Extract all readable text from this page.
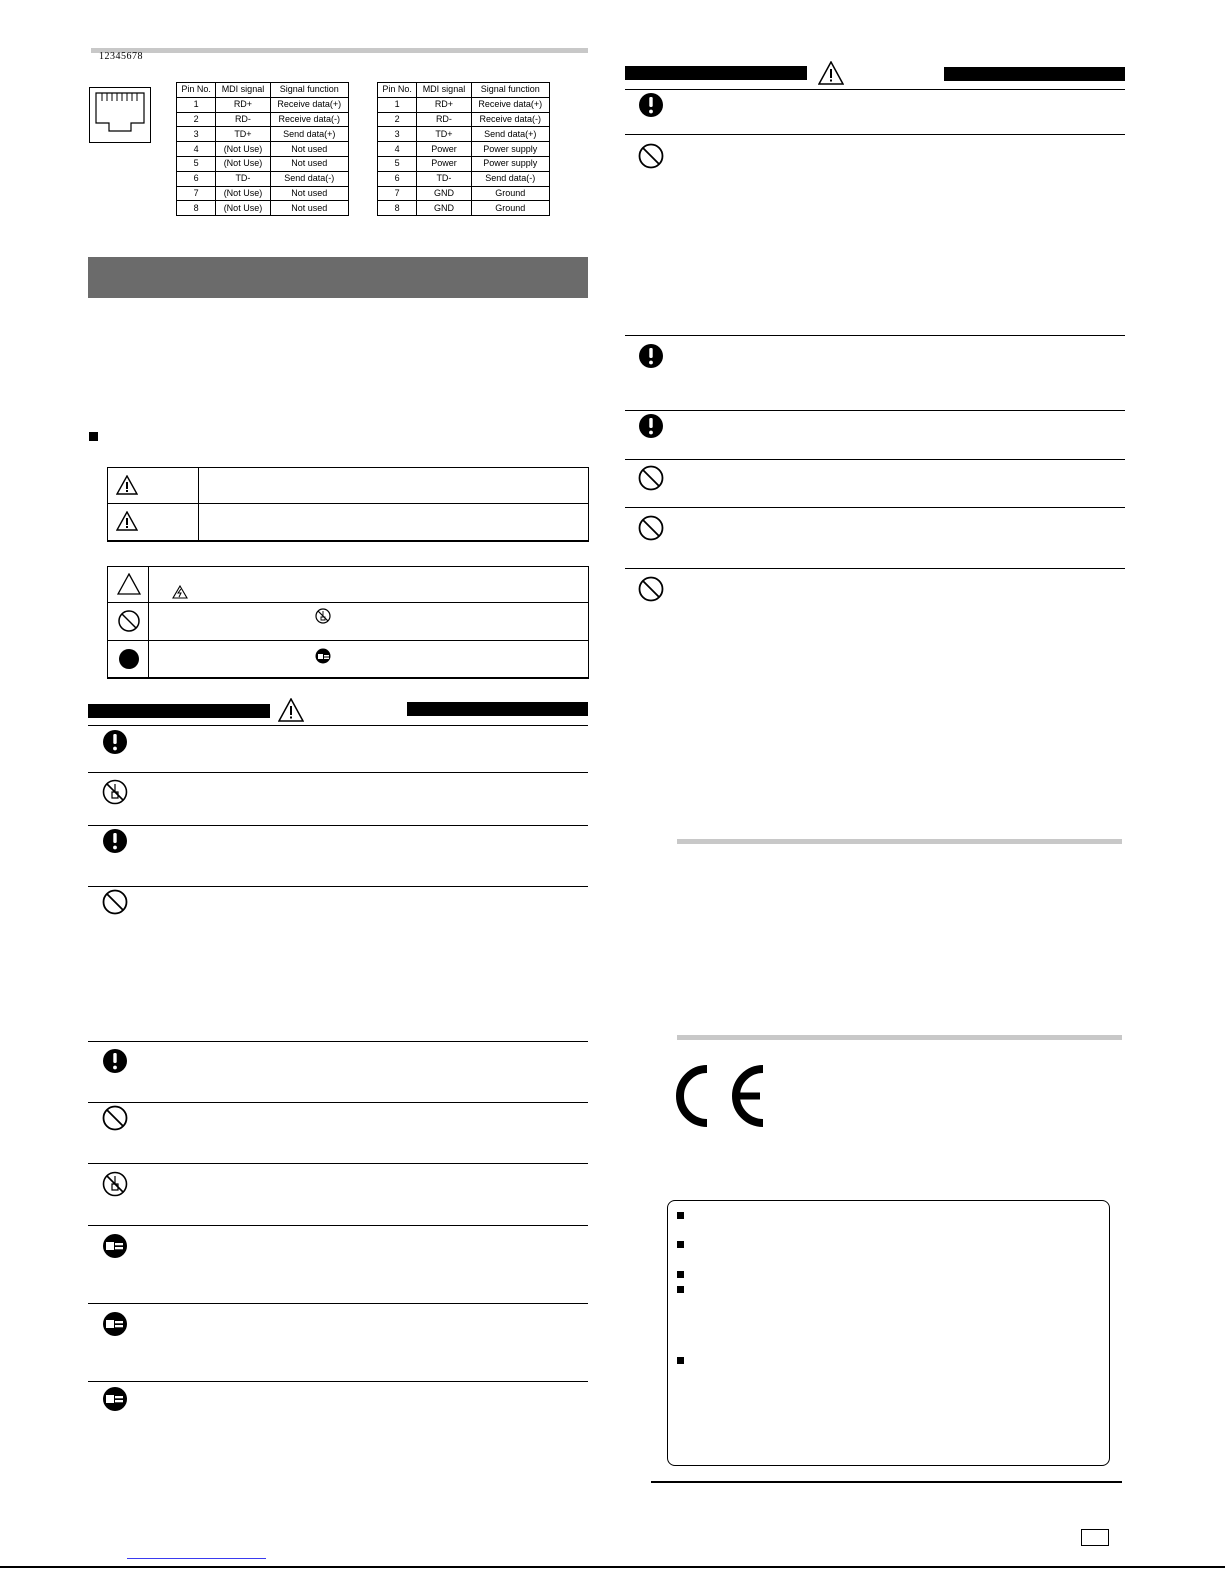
12345678
Pin No.	MDI signal	Signal function
1	RD+	Receive data(+)
2	RD-	Receive data(-)
3	TD+	Send data(+)
4	(Not Use)	Not used
5	(Not Use)	Not used
6	TD-	Send data(-)
7	(Not Use)	Not used
8	(Not Use)	Not used
Pin No.	MDI signal	Signal function
1	RD+	Receive data(+)
2	RD-	Receive data(-)
3	TD+	Send data(+)
4	Power	Power supply
5	Power	Power supply
6	TD-	Send data(-)
7	GND	Ground
8	GND	Ground
